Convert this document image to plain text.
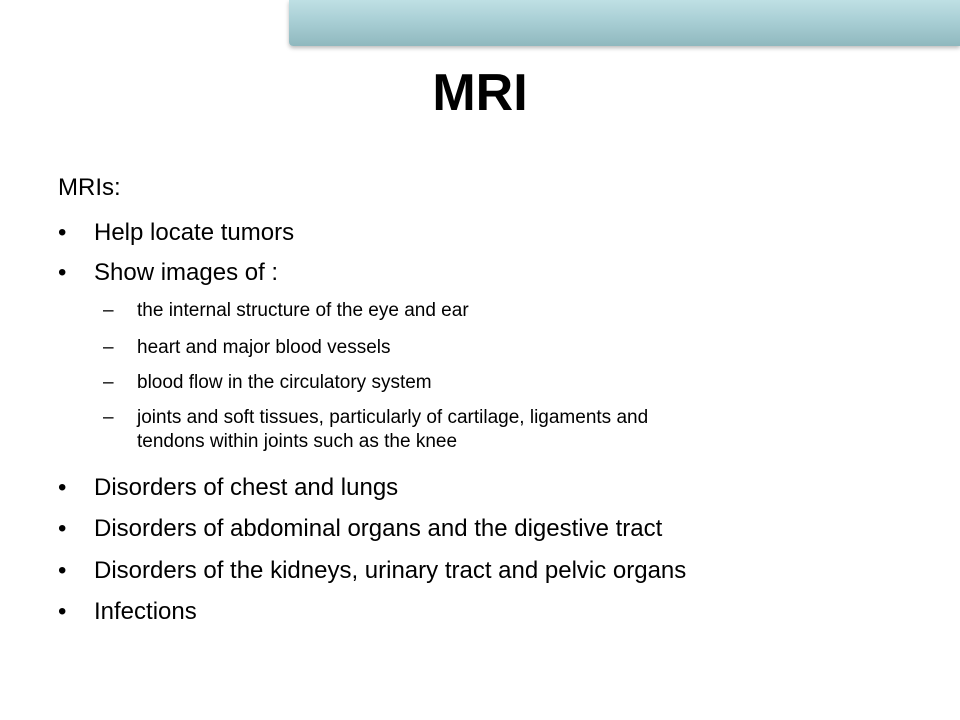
MRI

MRIs:

•	Help locate tumors
•	Show images of :
– the internal structure of the eye and ear
– heart and major blood vessels
– blood flow in the circulatory system
– joints and soft tissues, particularly of cartilage, ligaments and
tendons within joints such as the knee
•	Disorders of chest and lungs
•	Disorders of abdominal organs and the digestive tract
•	Disorders of the kidneys, urinary tract and pelvic organs
•	Infections
